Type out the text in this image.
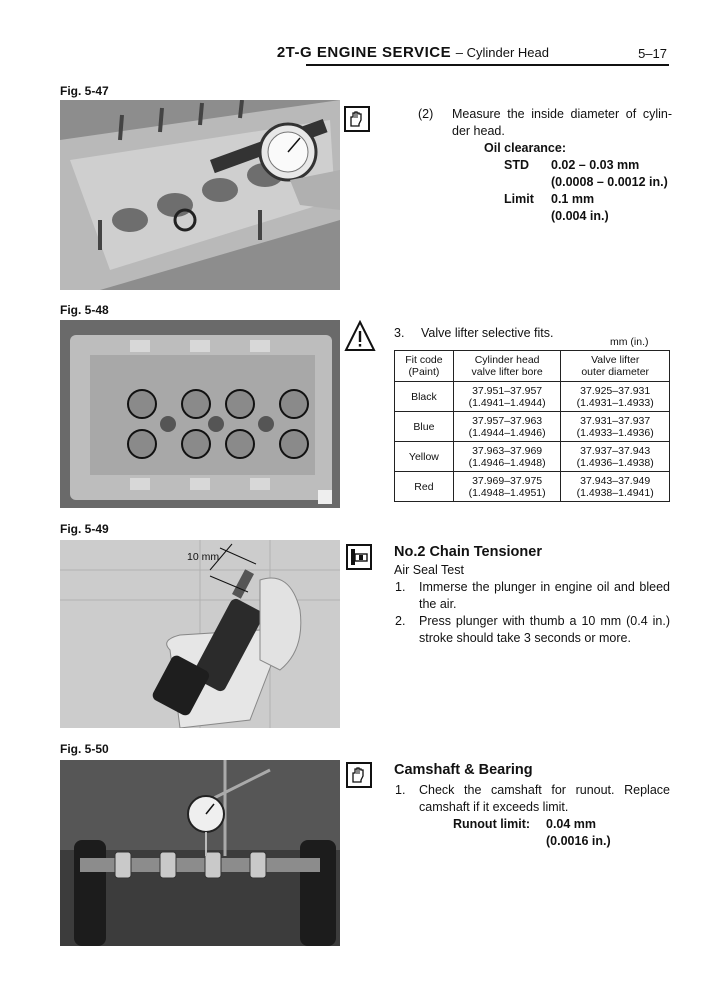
2T-G ENGINE SERVICE – Cylinder Head	5–17
Fig. 5-47
(2) Measure the inside diameter of cylin-
der head.
Oil clearance:
STD 0.02 – 0.03 mm
(0.0008 – 0.0012 in.)
Limit 0.1 mm
(0.004 in.)
Fig. 5-48
3. Valve lifter selective fits.
mm (in.)
Fit code
(Paint)	Cylinder head
valve lifter bore	Valve lifter
outer diameter
Black	37.951–37.957
(1.4941–1.4944)	37.925–37.931
(1.4931–1.4933)
Blue	37.957–37.963
(1.4944–1.4946)	37.931–37.937
(1.4933–1.4936)
Yellow	37.963–37.969
(1.4946–1.4948)	37.937–37.943
(1.4936–1.4938)
Red	37.969–37.975
(1.4948–1.4951)	37.943–37.949
(1.4938–1.4941)
Fig. 5-49
10 mm	No.2 Chain Tensioner
Air Seal Test
1. Immerse the plunger in engine oil and bleed
the air.
2. Press plunger with thumb a 10 mm (0.4 in.)
stroke should take 3 seconds or more.
Fig. 5-50
Camshaft & Bearing
1. Check the camshaft for runout. Replace
camshaft if it exceeds limit.
Runout limit: 0.04 mm
(0.0016 in.)
